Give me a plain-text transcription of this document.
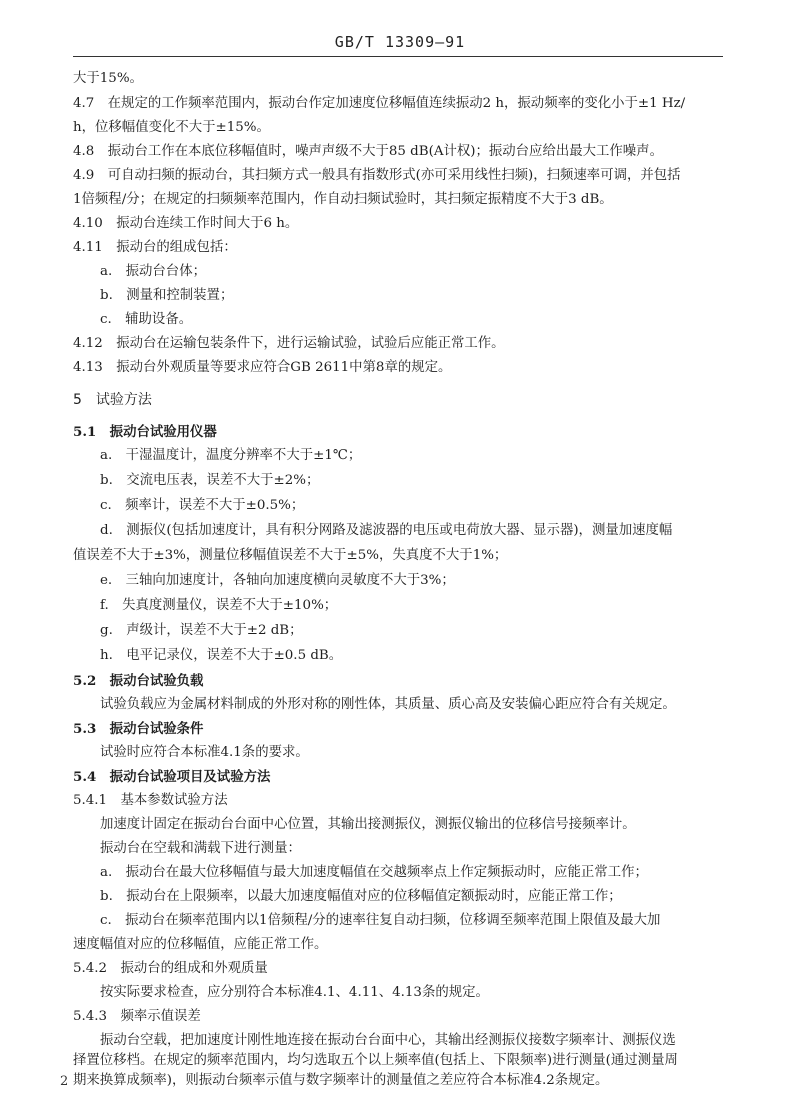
GB/T 13309—91
大于15%。
4.7　在规定的工作频率范围内，振动台作定加速度位移幅值连续振动2 h，振动频率的变化小于±1 Hz/
h，位移幅值变化不大于±15%。
4.8　振动台工作在本底位移幅值时，噪声声级不大于85 dB(A计权)；振动台应给出最大工作噪声。
4.9　可自动扫频的振动台，其扫频方式一般具有指数形式(亦可采用线性扫频)，扫频速率可调，并包括
1倍频程/分；在规定的扫频频率范围内，作自动扫频试验时，其扫频定振精度不大于3 dB。
4.10　振动台连续工作时间大于6 h。
4.11　振动台的组成包括：
a.　振动台台体；
b.　测量和控制装置；
c.　辅助设备。
4.12　振动台在运输包装条件下，进行运输试验，试验后应能正常工作。
4.13　振动台外观质量等要求应符合GB 2611中第8章的规定。
5　试验方法
5.1　振动台试验用仪器
a.　干湿温度计，温度分辨率不大于±1℃；
b.　交流电压表，误差不大于±2%；
c.　频率计，误差不大于±0.5%；
d.　测振仪(包括加速度计，具有积分网路及滤波器的电压或电荷放大器、显示器)，测量加速度幅
值误差不大于±3%，测量位移幅值误差不大于±5%，失真度不大于1%；
e.　三轴向加速度计，各轴向加速度横向灵敏度不大于3%；
f.　失真度测量仪，误差不大于±10%；
g.　声级计，误差不大于±2 dB；
h.　电平记录仪，误差不大于±0.5 dB。
5.2　振动台试验负载
试验负载应为金属材料制成的外形对称的刚性体，其质量、质心高及安装偏心距应符合有关规定。
5.3　振动台试验条件
试验时应符合本标准4.1条的要求。
5.4　振动台试验项目及试验方法
5.4.1　基本参数试验方法
加速度计固定在振动台台面中心位置，其输出接测振仪，测振仪输出的位移信号接频率计。
振动台在空载和满载下进行测量：
a.　振动台在最大位移幅值与最大加速度幅值在交越频率点上作定频振动时，应能正常工作；
b.　振动台在上限频率，以最大加速度幅值对应的位移幅值定额振动时，应能正常工作；
c.　振动台在频率范围内以1倍频程/分的速率往复自动扫频，位移调至频率范围上限值及最大加
速度幅值对应的位移幅值，应能正常工作。
5.4.2　振动台的组成和外观质量
按实际要求检查，应分别符合本标准4.1、4.11、4.13条的规定。
5.4.3　频率示值误差
振动台空载，把加速度计刚性地连接在振动台台面中心，其输出经测振仪接数字频率计、测振仪选
择置位移档。在规定的频率范围内，均匀选取五个以上频率值(包括上、下限频率)进行测量(通过测量周
期来换算成频率)，则振动台频率示值与数字频率计的测量值之差应符合本标准4.2条规定。
2
